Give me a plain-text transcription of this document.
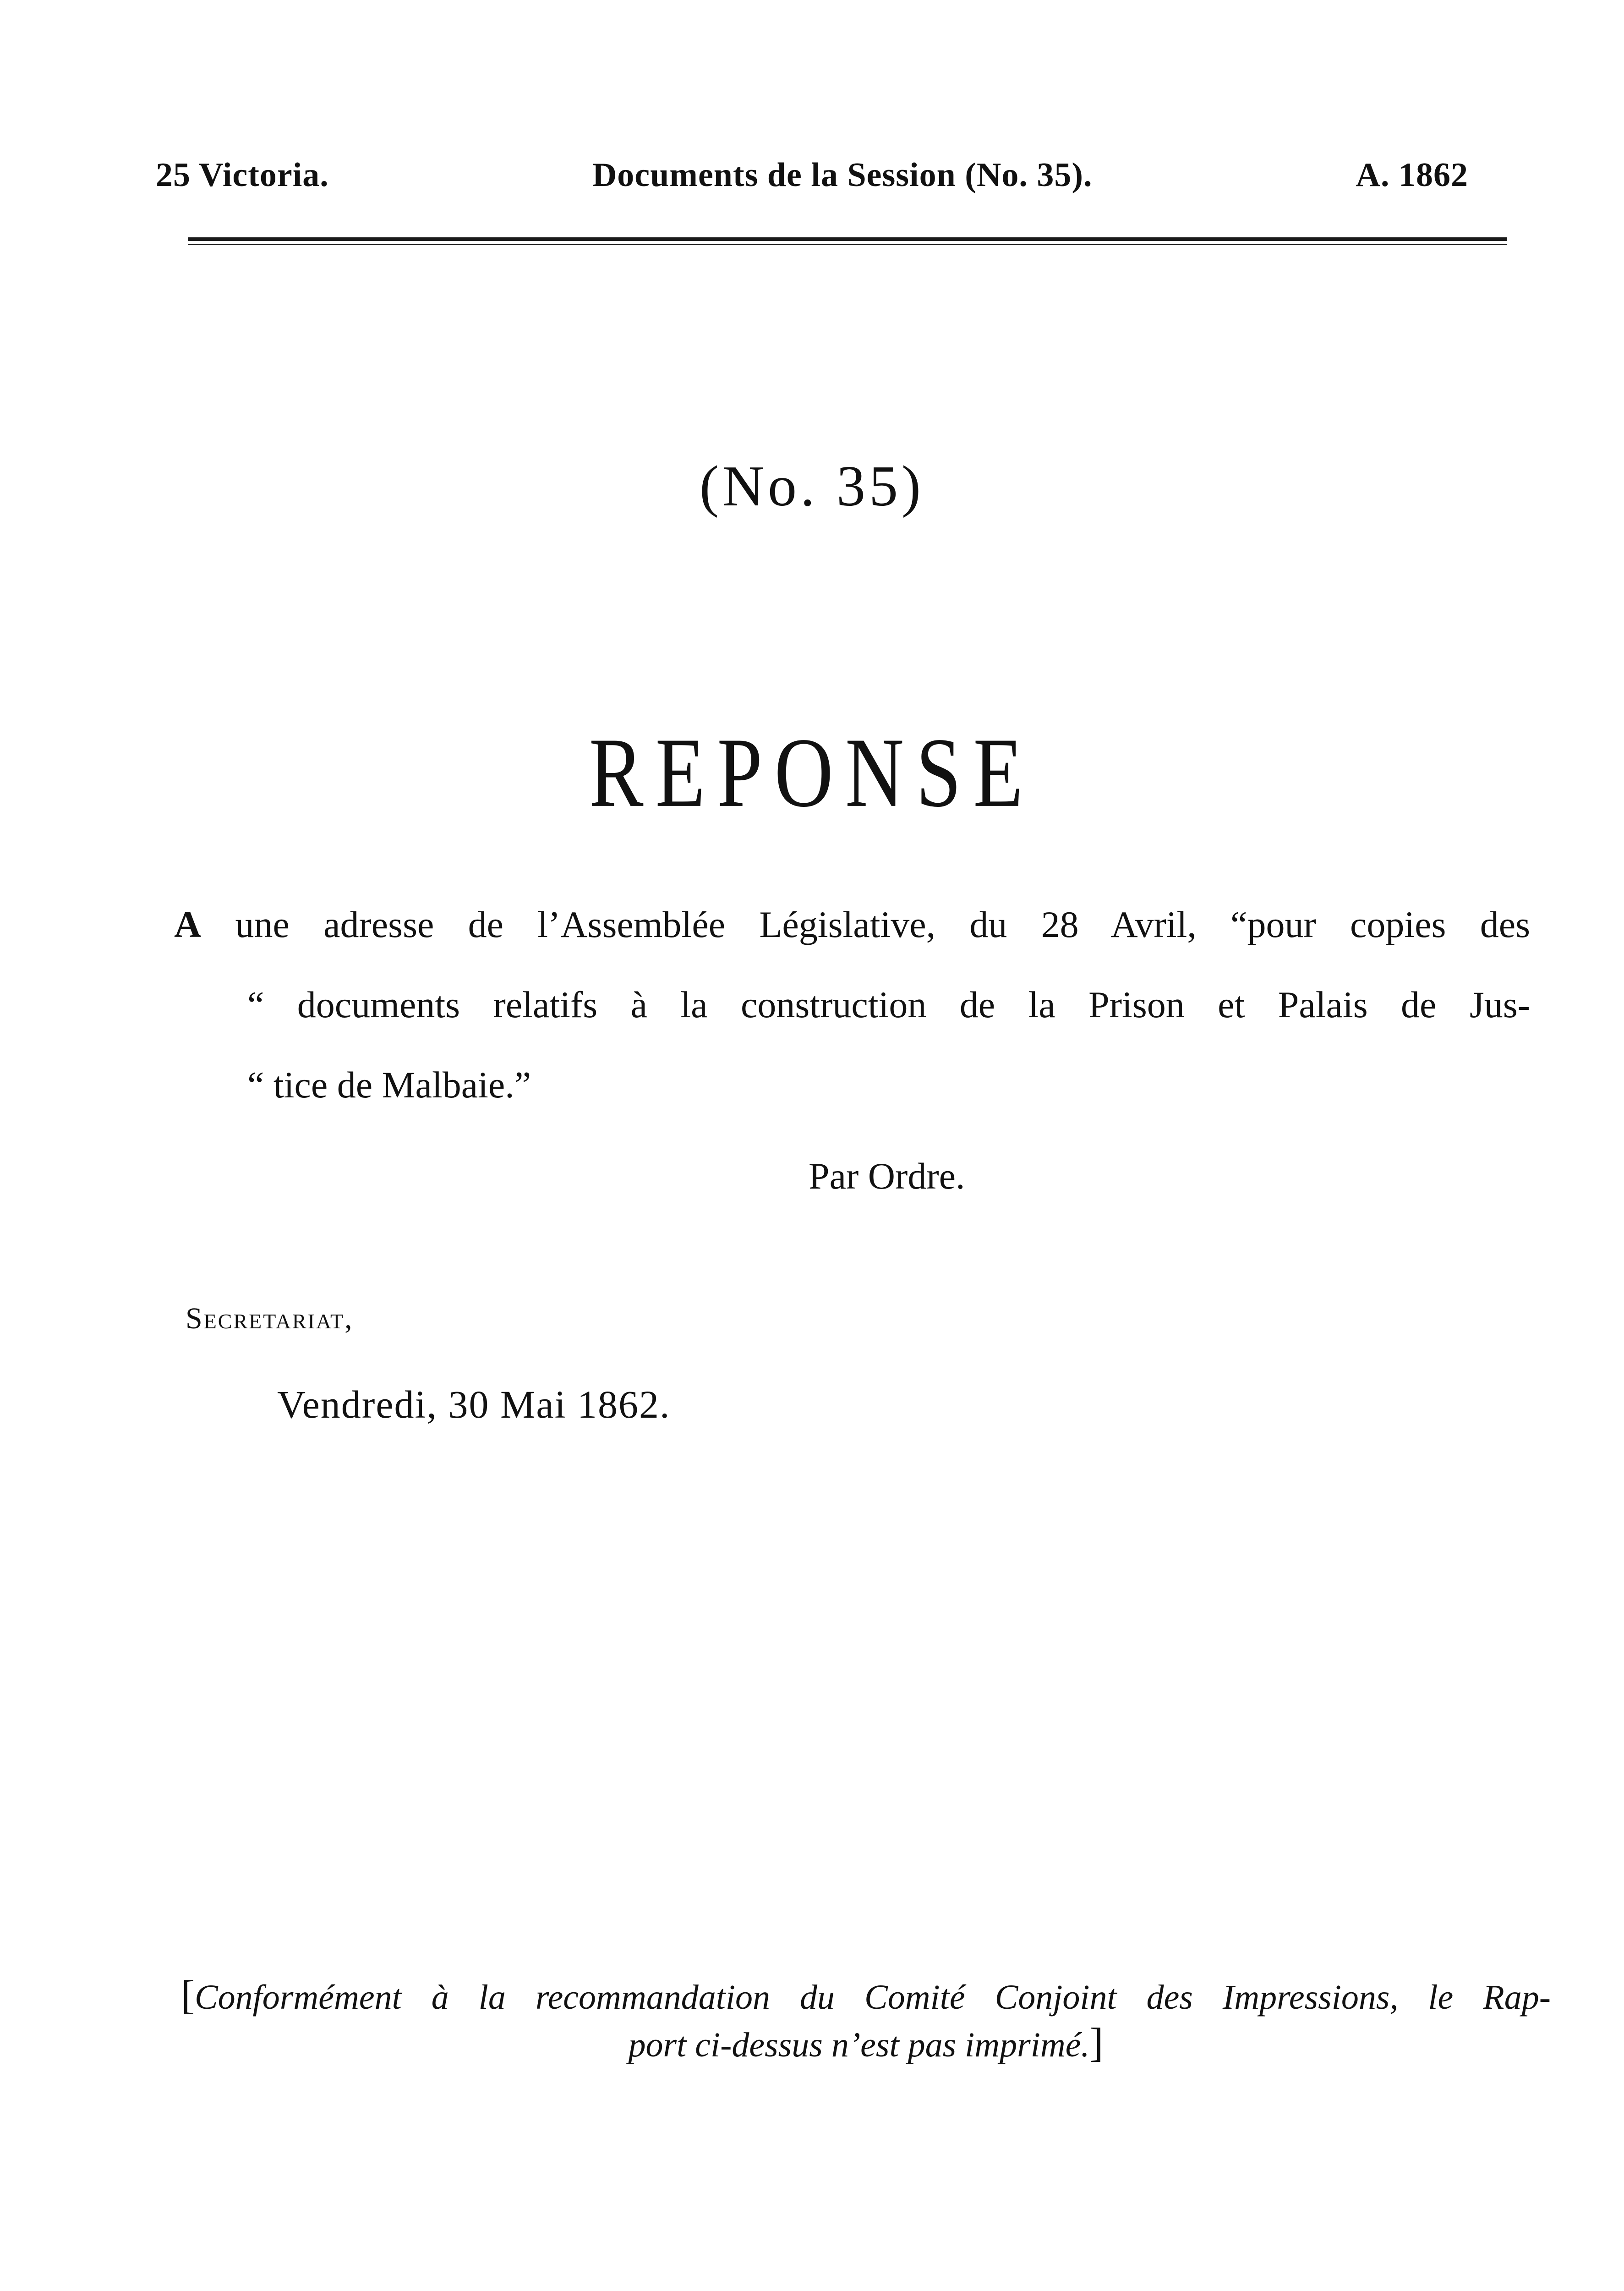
25 Victoria.	Documents de la Session (No. 35).	A. 1862
(No. 35)
REPONSE
A une adresse de l’Assemblée Législative, du 28 Avril, “pour copies des
“ documents relatifs à la construction de la Prison et Palais de Jus-
“ tice de Malbaie.”
Par Ordre.
Secretariat,
Vendredi, 30 Mai 1862.
[Conformément à la recommandation du Comité Conjoint des Impressions, le Rap-
port ci-dessus n’est pas imprimé.]
